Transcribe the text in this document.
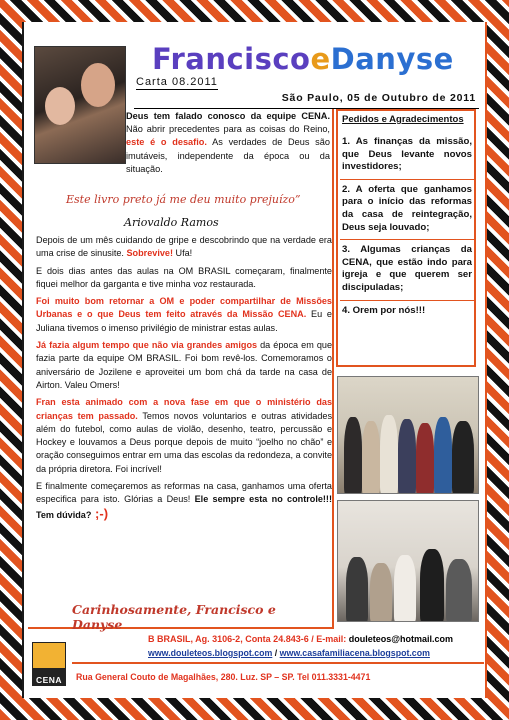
FranciscoeDanyse
Carta 08.2011
São Paulo, 05 de Outubro de 2011
Deus tem falado conosco da equipe CENA. Não abrir precedentes para as coisas do Reino, este é o desafio. As verdades de Deus são imutáveis, independente da época ou da situação.
Este livro preto já me deu muito prejuízo”
Ariovaldo Ramos

Depois de um mês cuidando de gripe e descobrindo que na verdade era uma crise de sinusite. Sobrevive! Ufa!

E dois dias antes das aulas na OM BRASIL começaram, finalmente fiquei melhor da garganta e tive minha voz restaurada.

Foi muito bom retornar a OM e poder compartilhar de Missões Urbanas e o que Deus tem feito através da Missão CENA. Eu e Juliana tivemos o imenso privilégio de ministrar estas aulas.

Já fazia algum tempo que não via grandes amigos da época em que fazia parte da equipe OM BRASIL. Foi bom revê-los. Comemoramos o aniversário de Jozilene e aproveitei um bom chá da tarde na casa de Airton. Valeu Omers!

Fran esta animado com a nova fase em que o ministério das crianças tem passado. Temos novos voluntarios e outras atividades além do futebol, como aulas de violão, desenho, teatro, percussão e Hockey e louvamos a Deus porque depois de muito “joelho no chão” e oração conseguimos entrar em uma das escolas da redondeza, a convite da própria diretora. Foi incrível!

E finalmente começaremos as reformas na casa, ganhamos uma oferta especifica para isto. Glórias a Deus! Ele sempre esta no controle!!! Tem dúvida? ;-)

Carinhosamente, Francisco e Danyse
Pedidos e Agradecimentos
1. As finanças da missão, que Deus levante novos investidores;
2. A oferta que ganhamos para o início das reformas da casa de reintegração, Deus seja louvado;
3. Algumas crianças da CENA, que estão indo para igreja e que querem ser discipuladas;
4. Orem por nós!!!
CENA
B BRASIL, Ag. 3106-2, Conta 24.843-6 / E-mail: douleteos@hotmail.com
www.douleteos.blogspot.com / www.casafamiliacena.blogspot.com
Rua General Couto de Magalhães, 280. Luz. SP – SP. Tel 011.3331-4471
